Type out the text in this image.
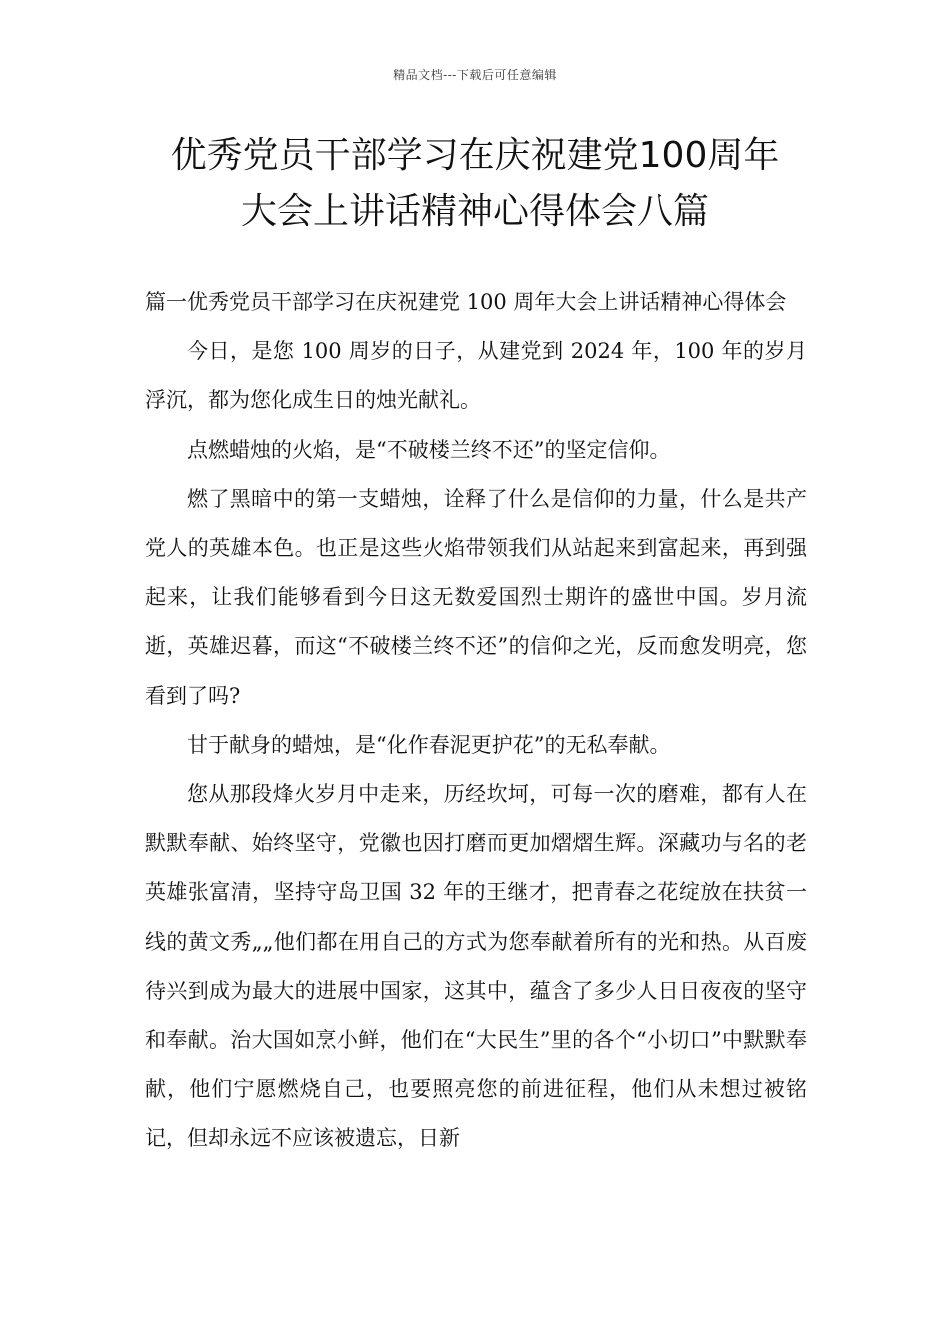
精品文档---下载后可任意编辑
优秀党员干部学习在庆祝建党100周年
大会上讲话精神心得体会八篇

篇一优秀党员干部学习在庆祝建党 100 周年大会上讲话精神心得体会

今日，是您 100 周岁的日子，从建党到 2024 年，100 年的岁月浮沉，都为您化成生日的烛光献礼。

点燃蜡烛的火焰，是“不破楼兰终不还”的坚定信仰。

燃了黑暗中的第一支蜡烛，诠释了什么是信仰的力量，什么是共产党人的英雄本色。也正是这些火焰带领我们从站起来到富起来，再到强起来，让我们能够看到今日这无数爱国烈士期许的盛世中国。岁月流逝，英雄迟暮，而这“不破楼兰终不还”的信仰之光，反而愈发明亮，您看到了吗?

甘于献身的蜡烛，是“化作春泥更护花”的无私奉献。

您从那段烽火岁月中走来，历经坎坷，可每一次的磨难，都有人在默默奉献、始终坚守，党徽也因打磨而更加熠熠生辉。深藏功与名的老英雄张富清，坚持守岛卫国 32 年的王继才，把青春之花绽放在扶贫一线的黄文秀„„他们都在用自己的方式为您奉献着所有的光和热。从百废待兴到成为最大的进展中国家，这其中，蕴含了多少人日日夜夜的坚守和奉献。治大国如烹小鲜，他们在“大民生”里的各个“小切口”中默默奉献，他们宁愿燃烧自己，也要照亮您的前进征程，他们从未想过被铭记，但却永远不应该被遗忘，日新
